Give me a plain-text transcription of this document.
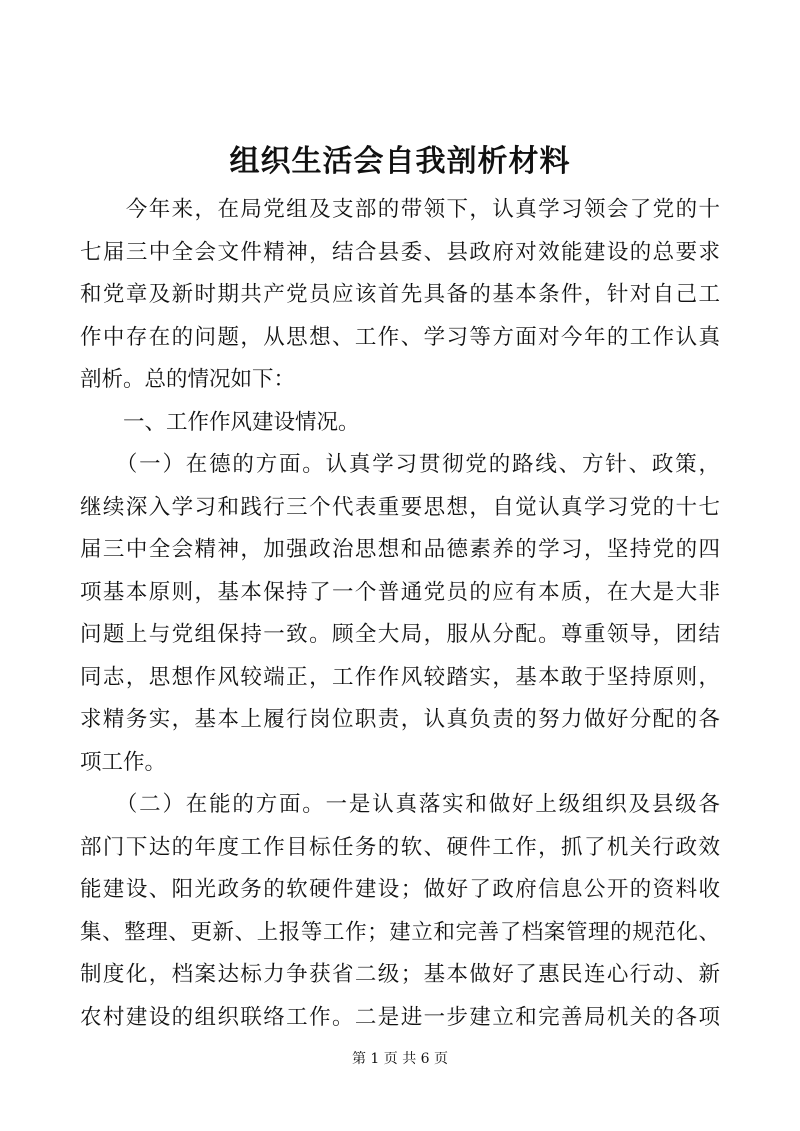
组织生活会自我剖析材料
　　今年来，在局党组及支部的带领下，认真学习领会了党的十
七届三中全会文件精神，结合县委、县政府对效能建设的总要求
和党章及新时期共产党员应该首先具备的基本条件，针对自己工
作中存在的问题，从思想、工作、学习等方面对今年的工作认真
剖析。总的情况如下：
　　一、工作作风建设情况。
　　（一）在德的方面。认真学习贯彻党的路线、方针、政策，
继续深入学习和践行三个代表重要思想，自觉认真学习党的十七
届三中全会精神，加强政治思想和品德素养的学习，坚持党的四
项基本原则，基本保持了一个普通党员的应有本质，在大是大非
问题上与党组保持一致。顾全大局，服从分配。尊重领导，团结
同志，思想作风较端正，工作作风较踏实，基本敢于坚持原则，
求精务实，基本上履行岗位职责，认真负责的努力做好分配的各
项工作。
　　（二）在能的方面。一是认真落实和做好上级组织及县级各
部门下达的年度工作目标任务的软、硬件工作，抓了机关行政效
能建设、阳光政务的软硬件建设；做好了政府信息公开的资料收
集、整理、更新、上报等工作；建立和完善了档案管理的规范化、
制度化，档案达标力争获省二级；基本做好了惠民连心行动、新
农村建设的组织联络工作。二是进一步建立和完善局机关的各项
第 1 页 共 6 页
